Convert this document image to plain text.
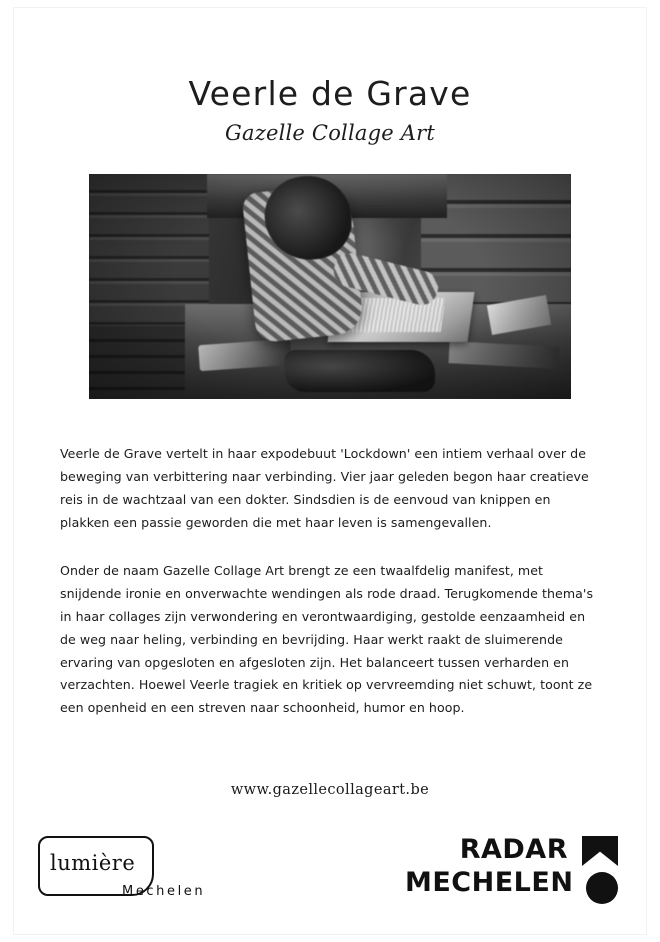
Veerle de Grave
Gazelle Collage Art

Veerle de Grave vertelt in haar expodebuut 'Lockdown' een intiem verhaal over de beweging van verbittering naar verbinding. Vier jaar geleden begon haar creatieve reis in de wachtzaal van een dokter. Sindsdien is de eenvoud van knippen en plakken een passie geworden die met haar leven is samengevallen.

Onder de naam Gazelle Collage Art brengt ze een twaalfdelig manifest, met snijdende ironie en onverwachte wendingen als rode draad. Terugkomende thema's in haar collages zijn verwondering en verontwaardiging, gestolde eenzaamheid en de weg naar heling, verbinding en bevrijding. Haar werkt raakt de sluimerende ervaring van opgesloten en afgesloten zijn. Het balanceert tussen verharden en verzachten. Hoewel Veerle tragiek en kritiek op vervreemding niet schuwt, toont ze een openheid en een streven naar schoonheid, humor en hoop.

www.gazellecollageart.be
lumière
Mechelen
RADAR
MECHELEN
